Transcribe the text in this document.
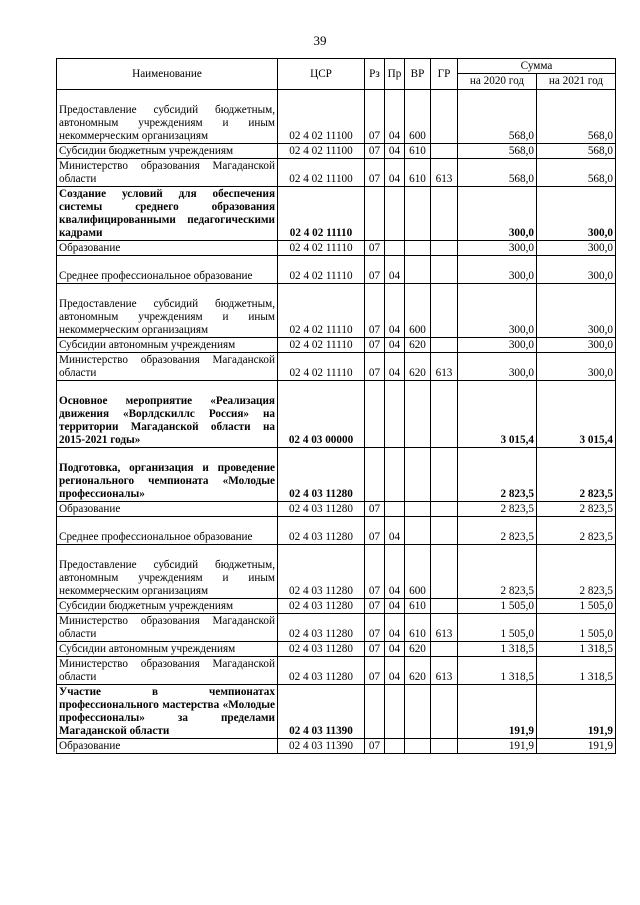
39
Наименование	ЦСР	Рз	Пр	ВР	ГР	Сумма	
						на 2020 год	на 2021 год
Предоставление субсидий бюджетным, автономным учреждениям и иным некоммерческим организациям	02 4 02 11100	07	04	600		568,0	568,0
Субсидии бюджетным учреждениям	02 4 02 11100	07	04	610		568,0	568,0
Министерство образования Магаданской области	02 4 02 11100	07	04	610	613	568,0	568,0
Создание условий для обеспечения системы среднего образования квалифицированными педагогическими кадрами	02 4 02 11110					300,0	300,0
Образование	02 4 02 11110	07				300,0	300,0
Среднее профессиональное образование	02 4 02 11110	07	04			300,0	300,0
Предоставление субсидий бюджетным, автономным учреждениям и иным некоммерческим организациям	02 4 02 11110	07	04	600		300,0	300,0
Субсидии автономным учреждениям	02 4 02 11110	07	04	620		300,0	300,0
Министерство образования Магаданской области	02 4 02 11110	07	04	620	613	300,0	300,0
Основное мероприятие «Реализация движения «Ворлдскиллс Россия» на территории Магаданской области на 2015-2021 годы»	02 4 03 00000					3 015,4	3 015,4
Подготовка, организация и проведение регионального чемпионата «Молодые профессионалы»	02 4 03 11280					2 823,5	2 823,5
Образование	02 4 03 11280	07				2 823,5	2 823,5
Среднее профессиональное образование	02 4 03 11280	07	04			2 823,5	2 823,5
Предоставление субсидий бюджетным, автономным учреждениям и иным некоммерческим организациям	02 4 03 11280	07	04	600		2 823,5	2 823,5
Субсидии бюджетным учреждениям	02 4 03 11280	07	04	610		1 505,0	1 505,0
Министерство образования Магаданской области	02 4 03 11280	07	04	610	613	1 505,0	1 505,0
Субсидии автономным учреждениям	02 4 03 11280	07	04	620		1 318,5	1 318,5
Министерство образования Магаданской области	02 4 03 11280	07	04	620	613	1 318,5	1 318,5
Участие в чемпионатах профессионального мастерства «Молодые профессионалы» за пределами Магаданской области	02 4 03 11390					191,9	191,9
Образование	02 4 03 11390	07				191,9	191,9
